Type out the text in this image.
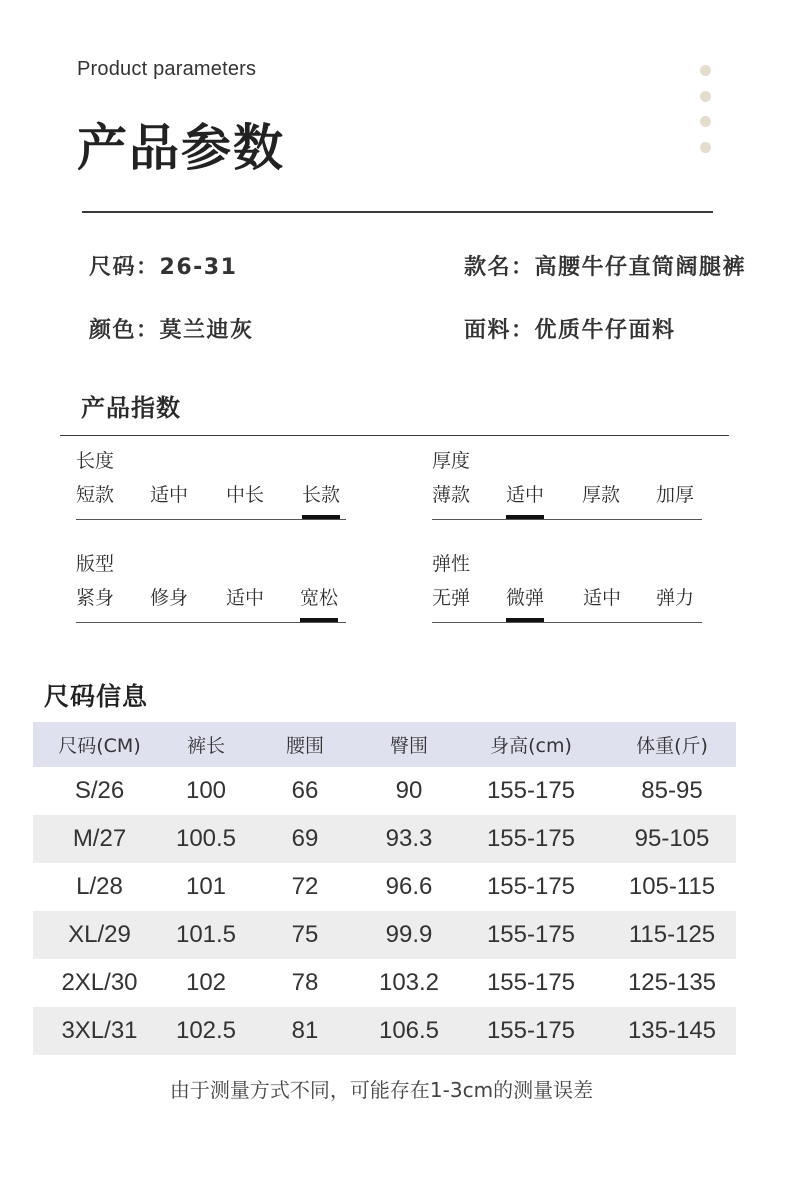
Product parameters
产品参数
尺码：26-31	款名：高腰牛仔直筒阔腿裤
颜色：莫兰迪灰	面料：优质牛仔面料
产品指数
长度
短款 适中 中长 长款
厚度
薄款 适中 厚款 加厚
版型
紧身 修身 适中 宽松
弹性
无弹 微弹 适中 弹力
尺码信息
尺码(CM)	裤长	腰围	臀围	身高(cm)	体重(斤)
S/26	100	66	90	155-175	85-95
M/27	100.5	69	93.3	155-175	95-105
L/28	101	72	96.6	155-175	105-115
XL/29	101.5	75	99.9	155-175	115-125
2XL/30	102	78	103.2	155-175	125-135
3XL/31	102.5	81	106.5	155-175	135-145
由于测量方式不同，可能存在1-3cm的测量误差
